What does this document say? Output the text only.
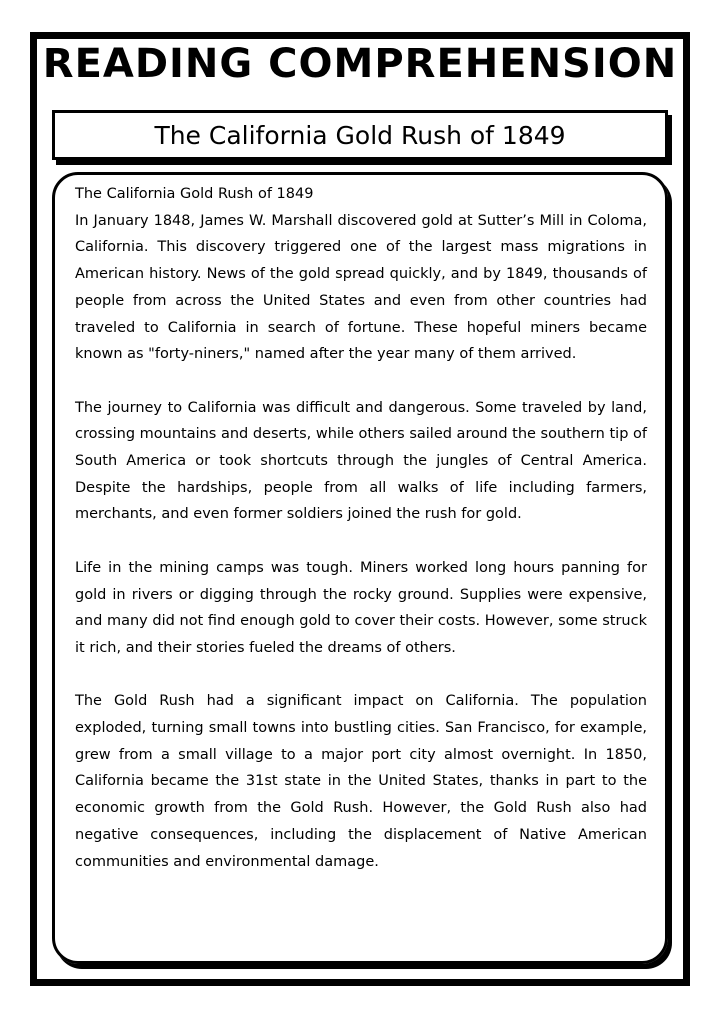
READING COMPREHENSION
The California Gold Rush of 1849

The California Gold Rush of 1849

In January 1848, James W. Marshall discovered gold at Sutter’s Mill in Coloma, California. This discovery triggered one of the largest mass migrations in American history. News of the gold spread quickly, and by 1849, thousands of people from across the United States and even from other countries had traveled to California in search of fortune. These hopeful miners became known as "forty-niners," named after the year many of them arrived.

The journey to California was difficult and dangerous. Some traveled by land, crossing mountains and deserts, while others sailed around the southern tip of South America or took shortcuts through the jungles of Central America. Despite the hardships, people from all walks of life including farmers, merchants, and even former soldiers joined the rush for gold.

Life in the mining camps was tough. Miners worked long hours panning for gold in rivers or digging through the rocky ground. Supplies were expensive, and many did not find enough gold to cover their costs. However, some struck it rich, and their stories fueled the dreams of others.

The Gold Rush had a significant impact on California. The population exploded, turning small towns into bustling cities. San Francisco, for example, grew from a small village to a major port city almost overnight. In 1850, California became the 31st state in the United States, thanks in part to the economic growth from the Gold Rush. However, the Gold Rush also had negative consequences, including the displacement of Native American communities and environmental damage.
